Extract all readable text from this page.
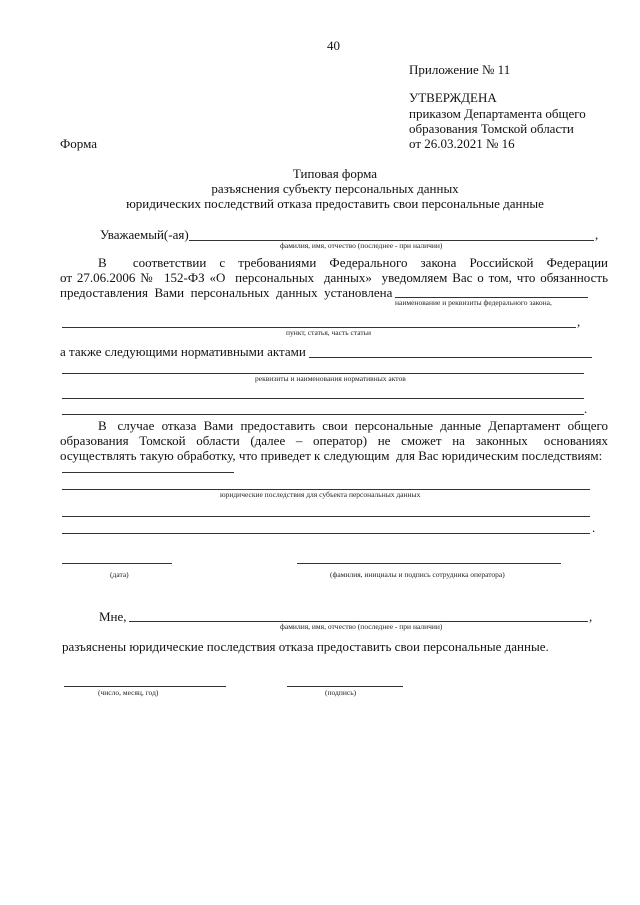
40
Приложение № 11
УТВЕРЖДЕНА
приказом Департамента общего
образования Томской области
от 26.03.2021 № 16
Форма
Типовая форма
разъяснения субъекту персональных данных
юридических последствий отказа предоставить свои персональные данные
Уважаемый(-ая)	,
фамилия, имя, отчество (последнее - при наличии)
В      соответствии   с   требованиями   Федерального   закона   Российской   Федерации
от 27.06.2006 №  152-ФЗ «О  персональных  данных»  уведомляем Вас о том, что обязанность
предоставления  Вами  персональных  данных  установлена
наименование и реквизиты федерального закона,
,
пункт, статья, часть статьи
а также следующими нормативными актами
реквизиты и наименования нормативных актов
.
В   случае  отказа  Вами  предоставить  свои  персональные  данные  Департамент  общего
образования  Томской  области  (далее  –  оператор)  не  сможет  на  законных   основаниях
осуществлять такую обработку, что приведет к следующим  для Вас юридическим последствиям:
юридические последствия для субъекта персональных данных
.
(дата)	(фамилия, инициалы и подпись сотрудника оператора)
Мне,	,
фамилия, имя, отчество (последнее - при наличии)
разъяснены юридические последствия отказа предоставить свои персональные данные.
(число, месяц, год)	(подпись)
